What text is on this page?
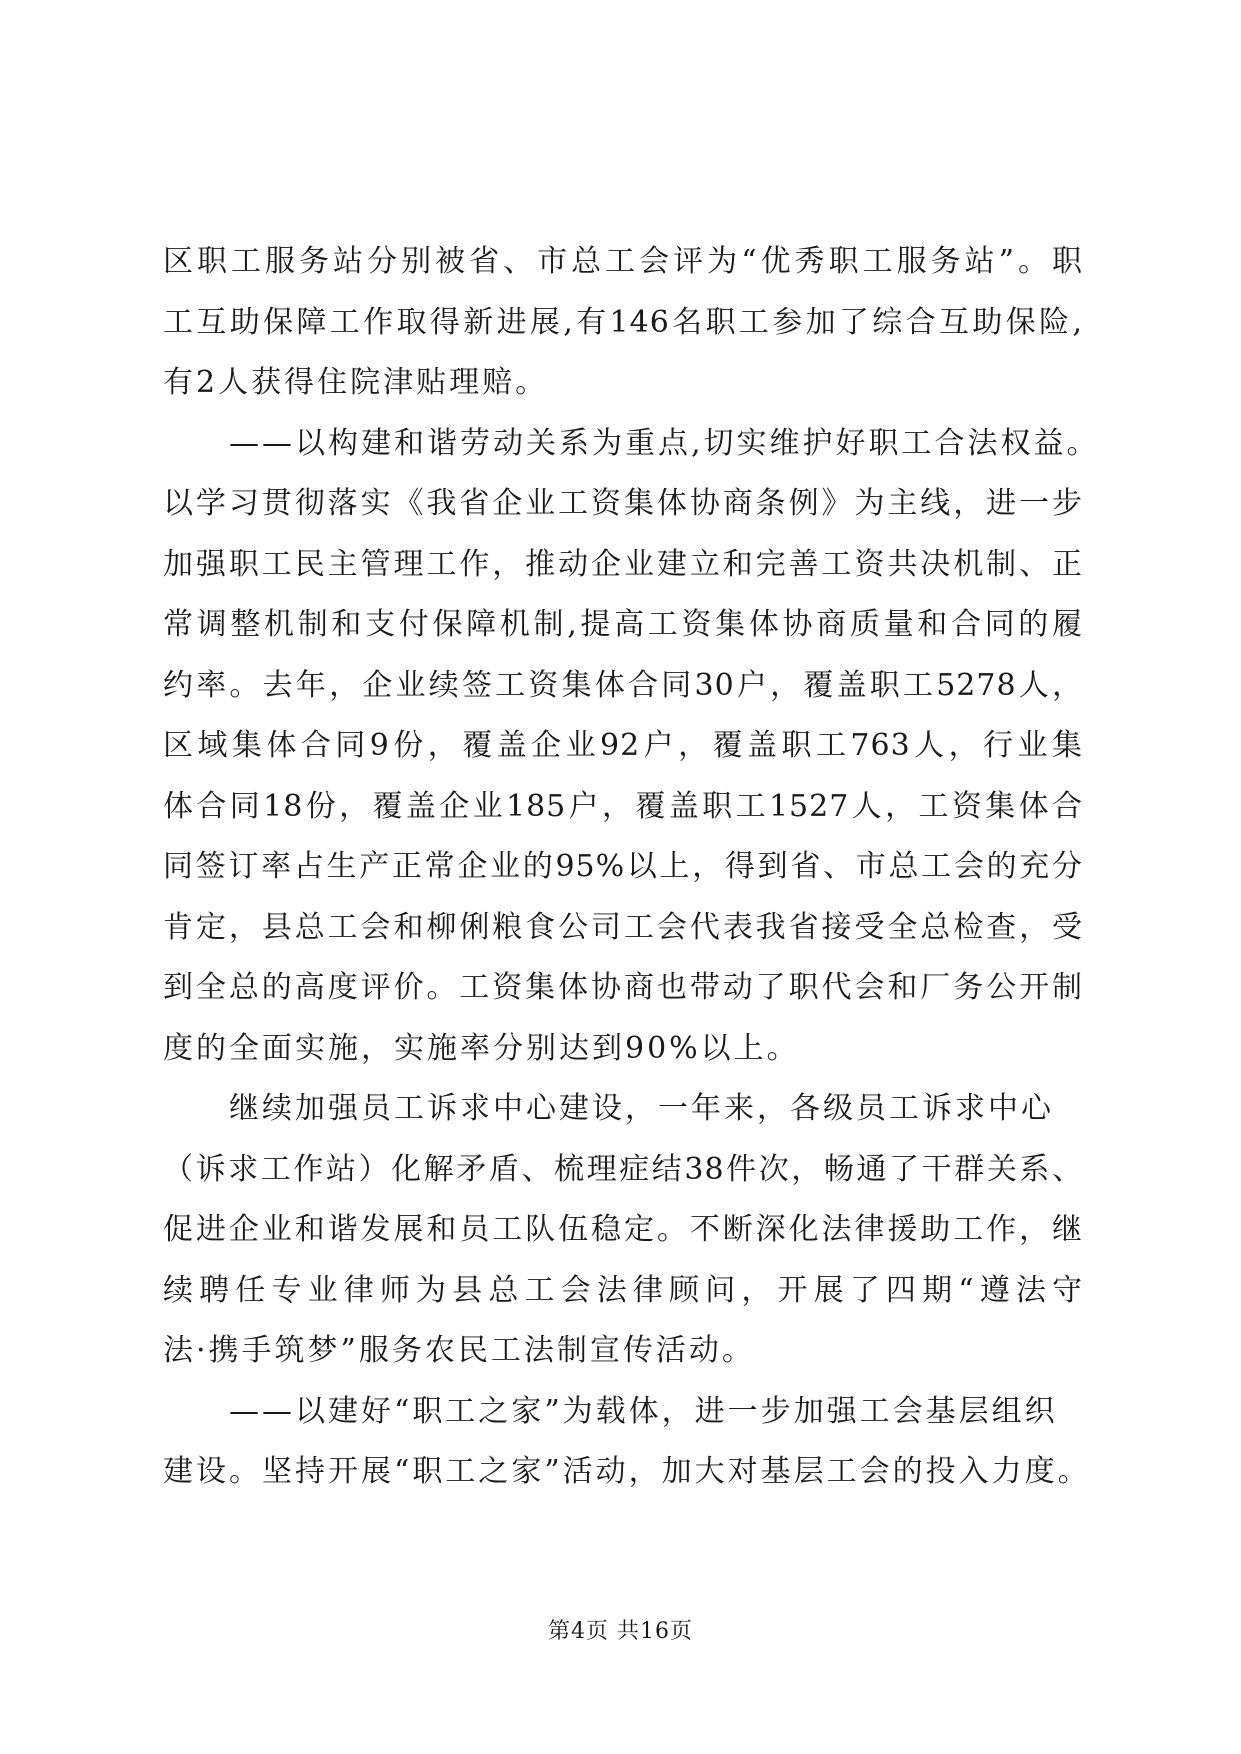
区职工服务站分别被省、市总工会评为“优秀职工服务站”。职
工互助保障工作取得新进展,有146名职工参加了综合互助保险,
有2人获得住院津贴理赔。
——以构建和谐劳动关系为重点,切实维护好职工合法权益。
以学习贯彻落实《我省企业工资集体协商条例》为主线，进一步
加强职工民主管理工作，推动企业建立和完善工资共决机制、正
常调整机制和支付保障机制,提高工资集体协商质量和合同的履
约率。去年，企业续签工资集体合同30户，覆盖职工5278人，
区域集体合同9份，覆盖企业92户，覆盖职工763人，行业集
体合同18份，覆盖企业185户，覆盖职工1527人，工资集体合
同签订率占生产正常企业的95%以上，得到省、市总工会的充分
肯定，县总工会和柳俐粮食公司工会代表我省接受全总检查，受
到全总的高度评价。工资集体协商也带动了职代会和厂务公开制
度的全面实施，实施率分别达到90%以上。
继续加强员工诉求中心建设，一年来，各级员工诉求中心
（诉求工作站）化解矛盾、梳理症结38件次，畅通了干群关系、
促进企业和谐发展和员工队伍稳定。不断深化法律援助工作，继
续聘任专业律师为县总工会法律顾问，开展了四期“遵法守
法·携手筑梦”服务农民工法制宣传活动。
——以建好“职工之家”为载体，进一步加强工会基层组织
建设。坚持开展“职工之家”活动，加大对基层工会的投入力度。
第4页 共16页
